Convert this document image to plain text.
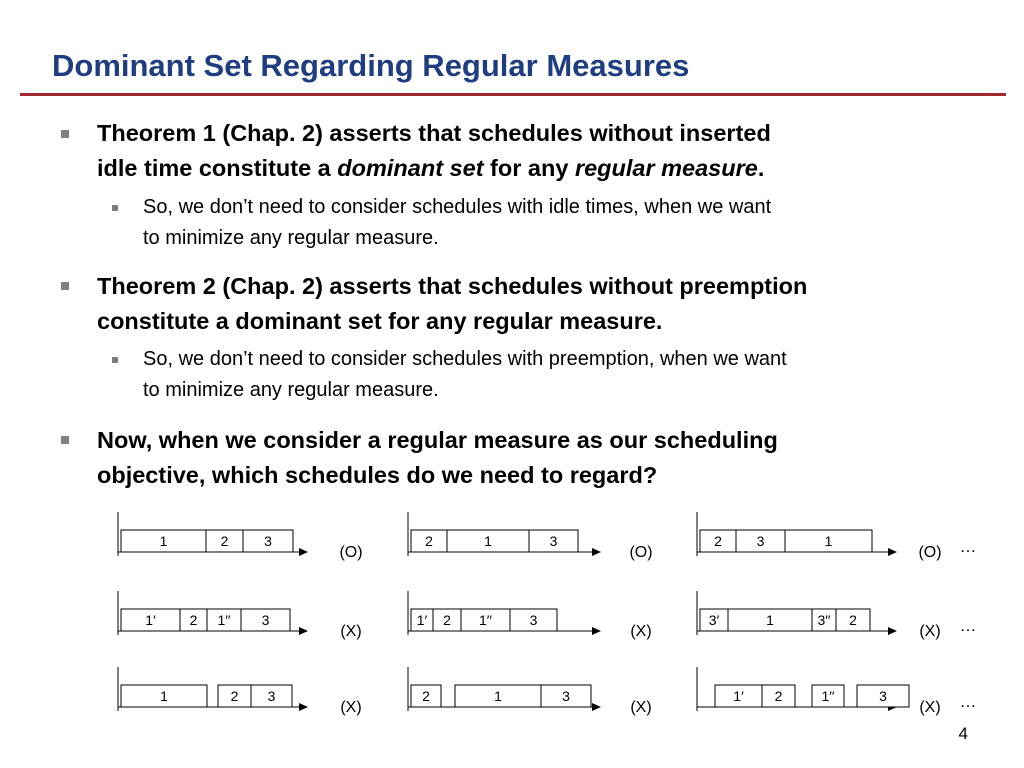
Dominant Set Regarding Regular Measures
Theorem 1 (Chap. 2) asserts that schedules without inserted
idle time constitute a dominant set for any regular measure.
So, we don’t need to consider schedules with idle times, when we want
to minimize any regular measure.
Theorem 2 (Chap. 2) asserts that schedules without preemption
constitute a dominant set for any regular measure.
So, we don’t need to consider schedules with preemption, when we want
to minimize any regular measure.
Now, when we consider a regular measure as our scheduling
objective, which schedules do we need to regard?
1	2	3
(O)
2	1	3
(O)
2 3	1
(O) …
1′ 2 1′′ 3
(X)
1′ 2 1′′	3
(X)
3′	1	3′′ 2
(X) …
1	2 3
(X)
2	1	3
(X)
1′ 2	1′′	3
(X) …
4
